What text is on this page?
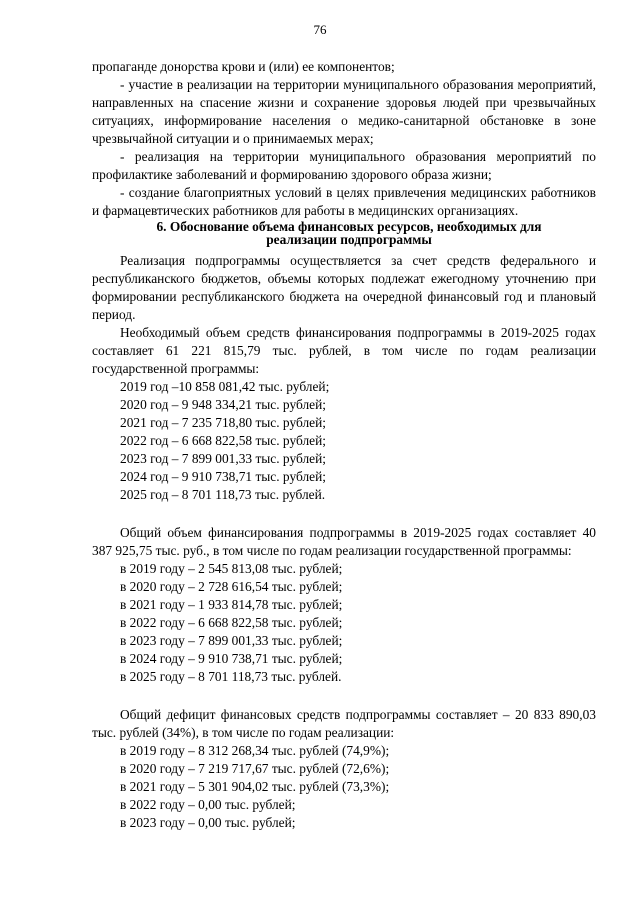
76

пропаганде донорства крови и (или) ее компонентов;

- участие в реализации на территории муниципального образования мероприятий, направленных на спасение жизни и сохранение здоровья людей при чрезвычайных ситуациях, информирование населения о медико-санитарной обстановке в зоне чрезвычайной ситуации и о принимаемых мерах;

- реализация на территории муниципального образования мероприятий по профилактике заболеваний и формированию здорового образа жизни;

- создание благоприятных условий в целях привлечения медицинских работников и фармацевтических работников для работы в медицинских организациях.

6. Обоснование объема финансовых ресурсов, необходимых для
реализации подпрограммы

Реализация подпрограммы осуществляется за счет средств федерального и республиканского бюджетов, объемы которых подлежат ежегодному уточнению при формировании республиканского бюджета на очередной финансовый год и плановый период.

Необходимый объем средств финансирования подпрограммы в 2019-2025 годах составляет 61 221 815,79 тыс. рублей, в том числе по годам реализации государственной программы:

2019 год –10 858 081,42 тыс. рублей;

2020 год – 9 948 334,21 тыс. рублей;

2021 год – 7 235 718,80 тыс. рублей;

2022 год – 6 668 822,58 тыс. рублей;

2023 год – 7 899 001,33 тыс. рублей;

2024 год – 9 910 738,71 тыс. рублей;

2025 год – 8 701 118,73 тыс. рублей.

Общий объем финансирования подпрограммы в 2019-2025 годах составляет 40 387 925,75 тыс. руб., в том числе по годам реализации государственной программы:

в 2019 году – 2 545 813,08 тыс. рублей;

в 2020 году – 2 728 616,54 тыс. рублей;

в 2021 году – 1 933 814,78 тыс. рублей;

в 2022 году – 6 668 822,58 тыс. рублей;

в 2023 году – 7 899 001,33 тыс. рублей;

в 2024 году – 9 910 738,71 тыс. рублей;

в 2025 году – 8 701 118,73 тыс. рублей.

Общий дефицит финансовых средств подпрограммы составляет – 20 833 890,03 тыс. рублей (34%), в том числе по годам реализации:

в 2019 году – 8 312 268,34 тыс. рублей (74,9%);

в 2020 году – 7 219 717,67 тыс. рублей (72,6%);

в 2021 году – 5 301 904,02 тыс. рублей (73,3%);

в 2022 году – 0,00 тыс. рублей;

в 2023 году – 0,00 тыс. рублей;
